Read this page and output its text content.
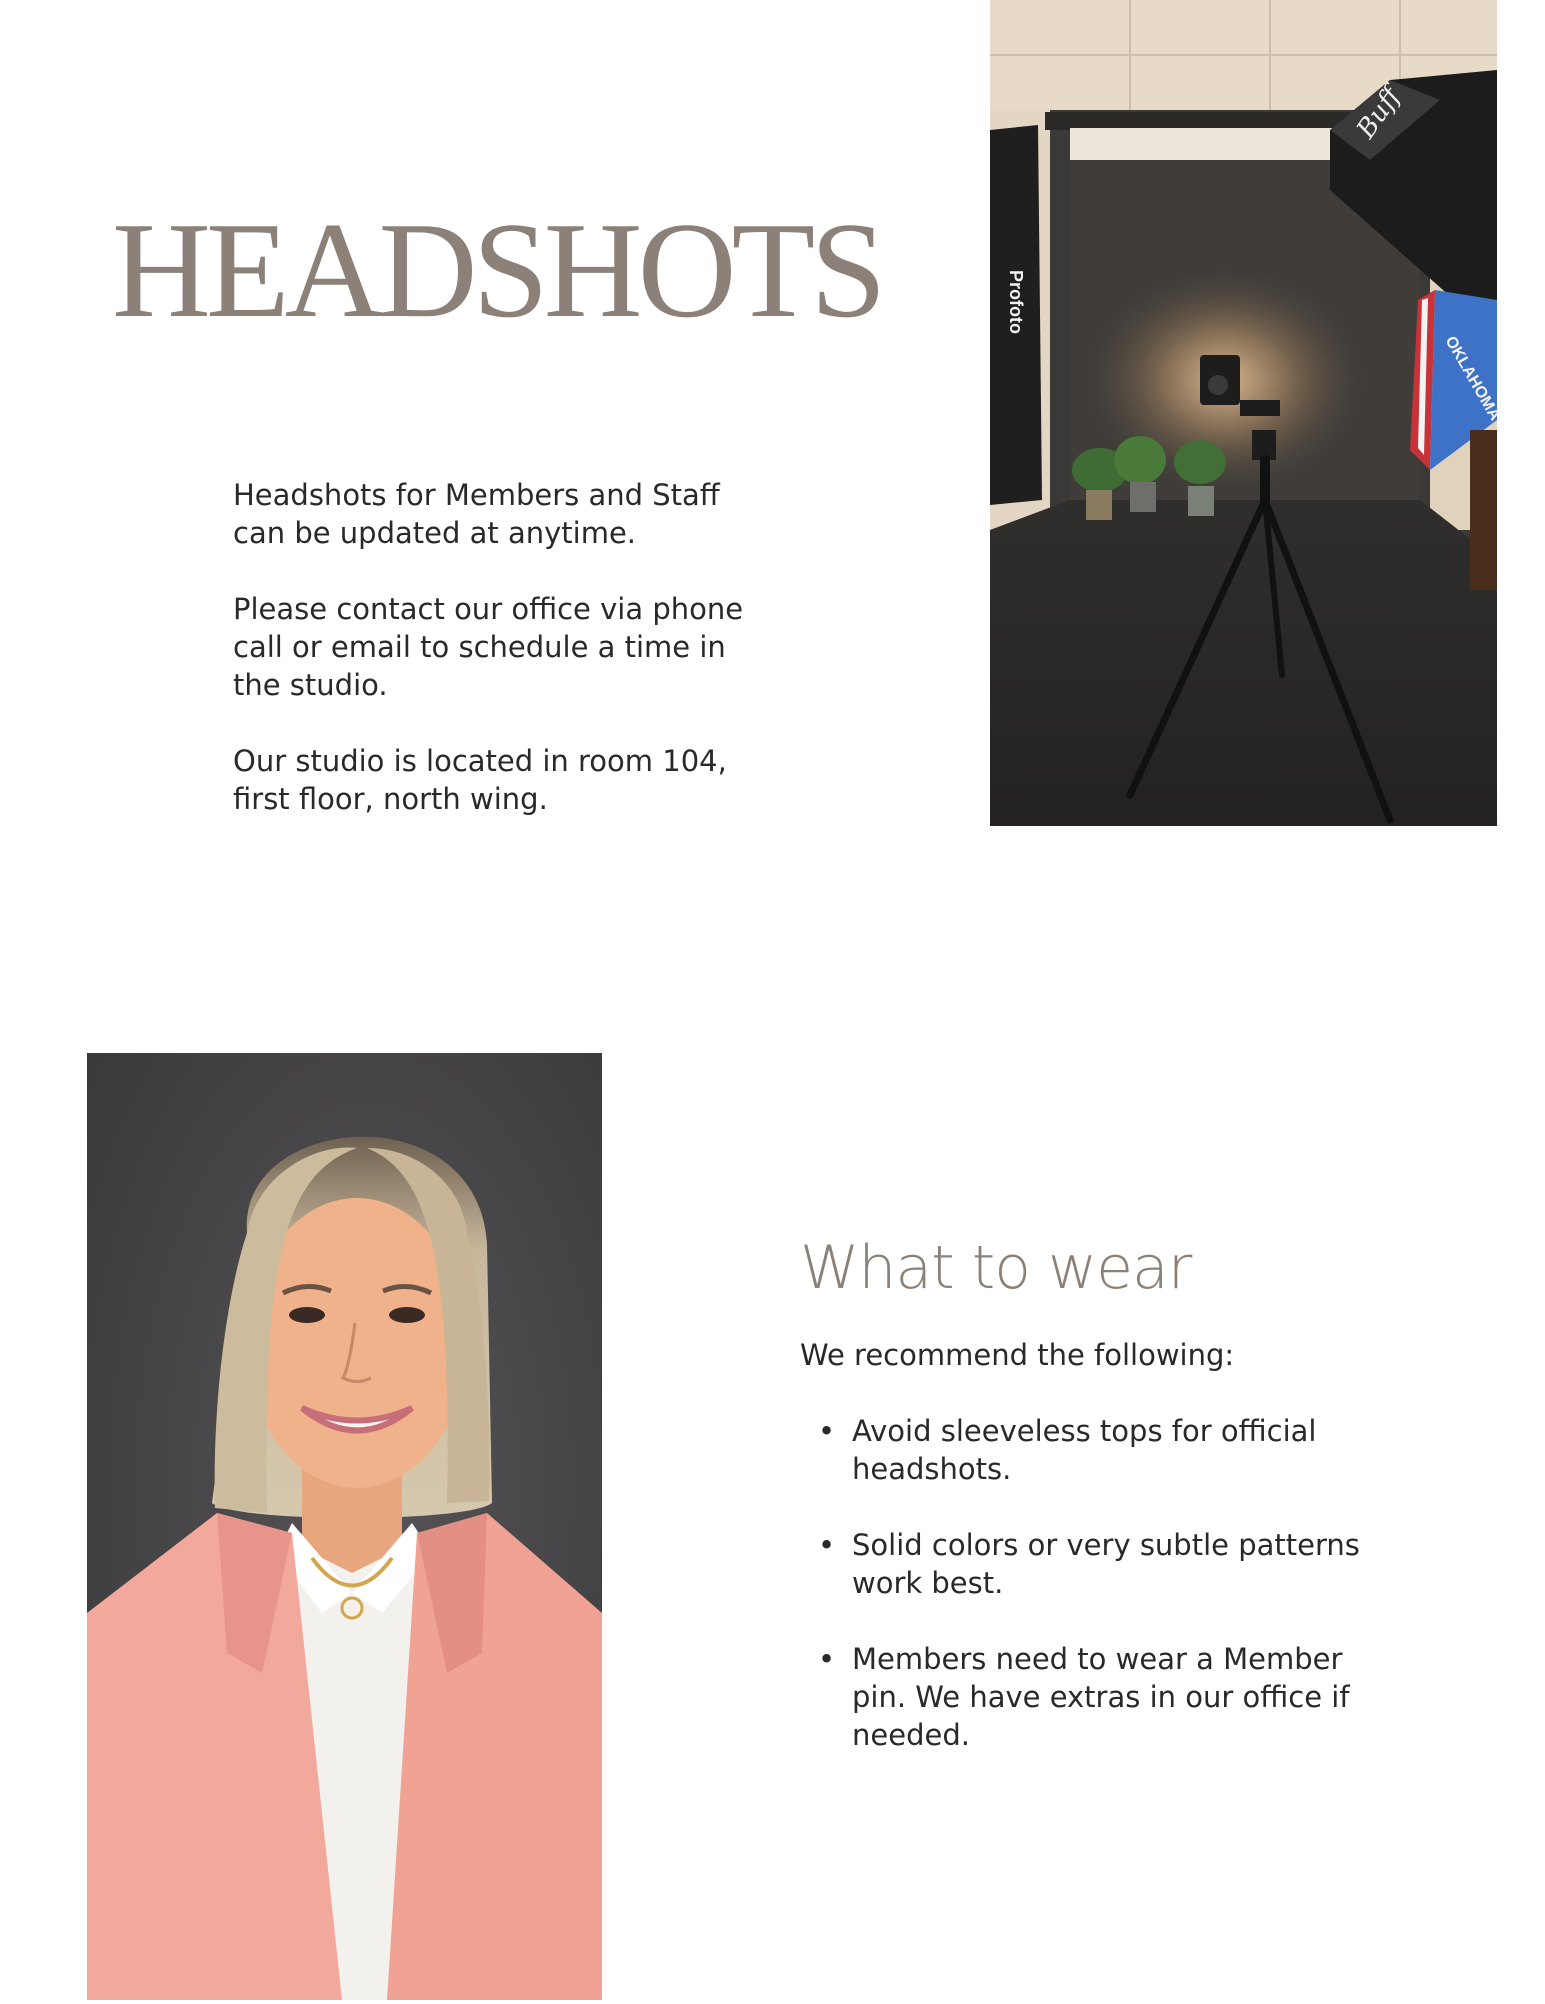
HEADSHOTS

Headshots for Members and Staff can be updated at anytime.

Please contact our office via phone call or email to schedule a time in the studio.

Our studio is located in room 104, first floor, north wing.

Profoto
Buff
OKLAHOMA
What to wear

We recommend the following:

• Avoid sleeveless tops for official headshots.
• Solid colors or very subtle patterns work best.
• Members need to wear a Member pin. We have extras in our office if needed.
